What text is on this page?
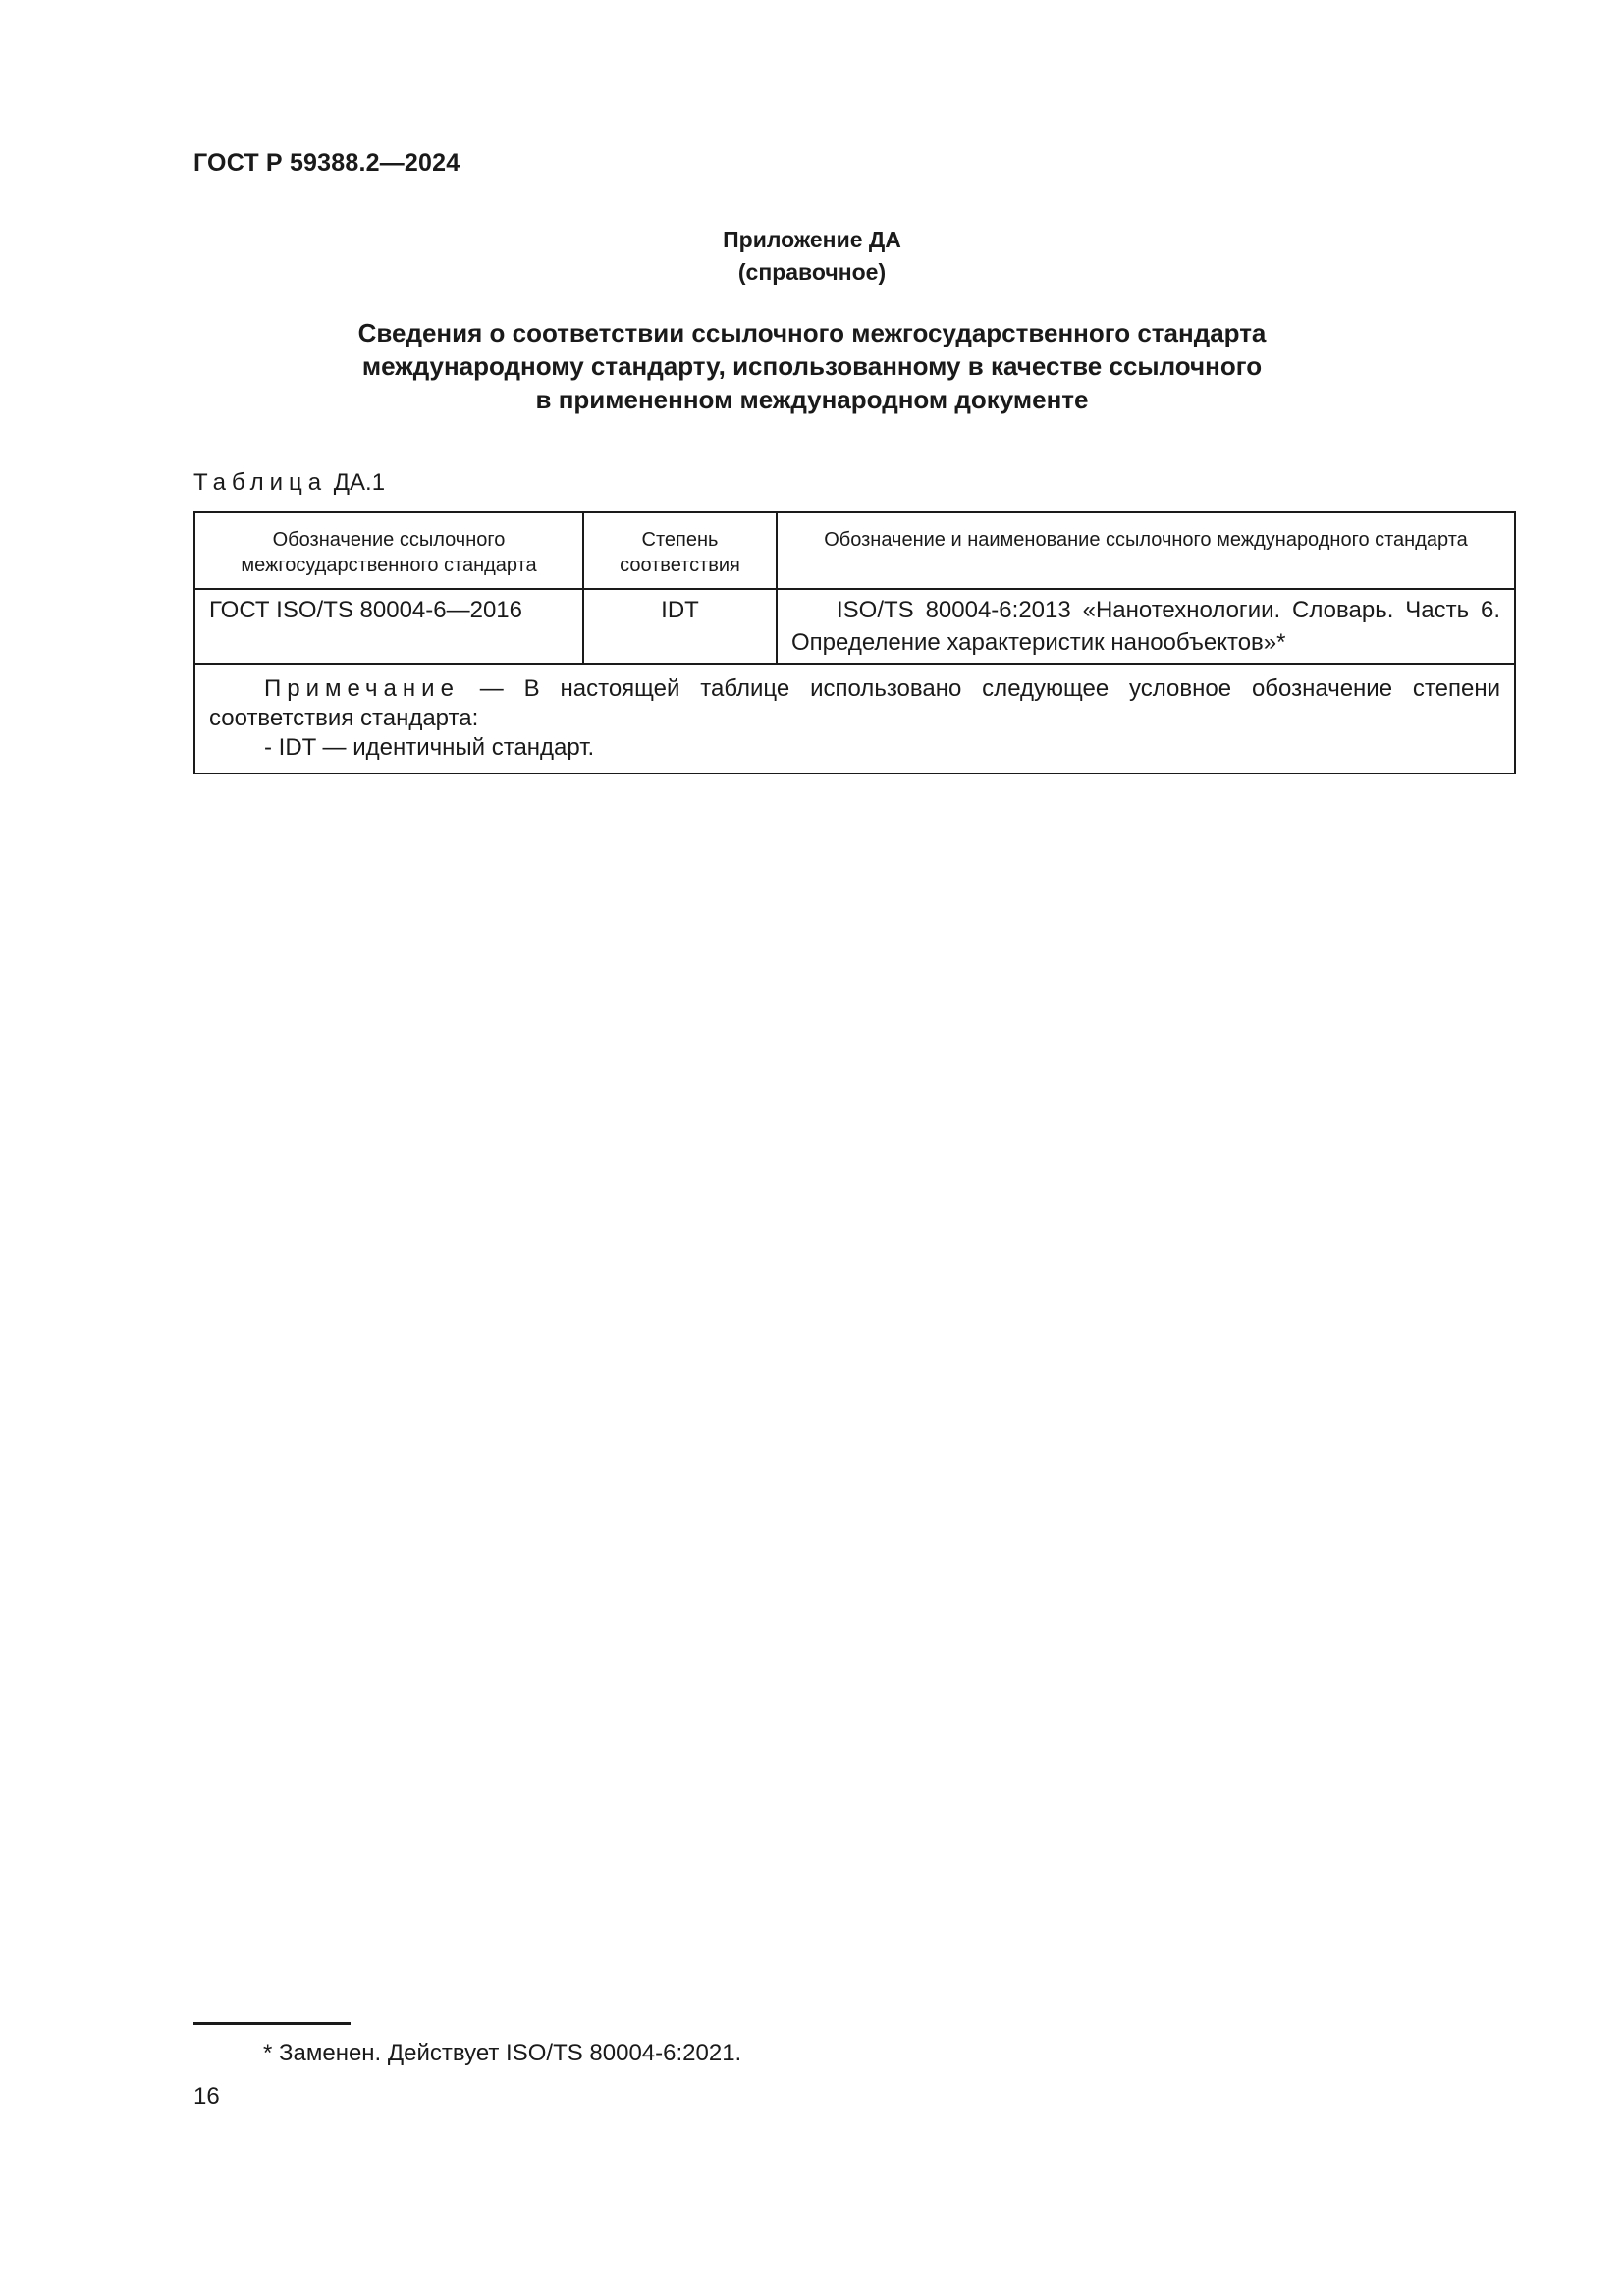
ГОСТ Р 59388.2—2024
Приложение ДА
(справочное)
Сведения о соответствии ссылочного межгосударственного стандарта
международному стандарту, использованному в качестве ссылочного
в примененном международном документе
Таблица ДА.1
Обозначение ссылочного межгосударственного стандарта	Степень соответствия	Обозначение и наименование ссылочного международного стандарта
ГОСТ ISO/TS 80004-6—2016	IDT	ISO/TS 80004-6:2013 «Нанотехнологии. Словарь. Часть 6. Определение характеристик нанообъектов»*

Примечание — В настоящей таблице использовано следующее условное обозначение степени соответствия стандарта:

- IDT — идентичный стандарт.		

* Заменен. Действует ISO/TS 80004-6:2021.
16
